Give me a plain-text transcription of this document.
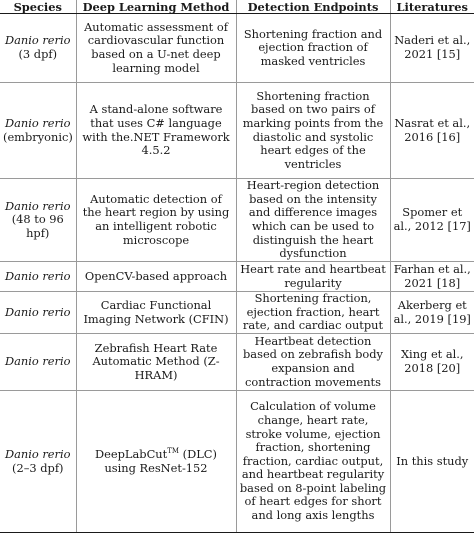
Species	Deep Learning Method	Detection Endpoints	Literatures

Danio rerio
(3 dpf)	Automatic assessment of cardiovascular function based on a U-net deep learning model	Shortening fraction and ejection fraction of masked ventricles	Naderi et al., 2021 [15]

Danio rerio
(embryonic)	A stand-alone software that uses C# language with the.NET Framework 4.5.2	Shortening fraction based on two pairs of marking points from the diastolic and systolic heart edges of the ventricles	Nasrat et al., 2016 [16]

Danio rerio
(48 to 96 hpf)	Automatic detection of the heart region by using an intelligent robotic microscope	Heart-region detection based on the intensity and difference images which can be used to distinguish the heart dysfunction	Spomer et al., 2012 [17]

Danio rerio	OpenCV-based approach	Heart rate and heartbeat regularity	Farhan et al., 2021 [18]

Danio rerio	Cardiac Functional Imaging Network (CFIN)	Shortening fraction, ejection fraction, heart rate, and cardiac output	Akerberg et al., 2019 [19]

Danio rerio	Zebrafish Heart Rate Automatic Method (Z-HRAM)	Heartbeat detection based on zebrafish body expansion and contraction movements	Xing et al., 2018 [20]

Danio rerio
(2–3 dpf)	DeepLabCut™ (DLC) using ResNet-152	Calculation of volume change, heart rate, stroke volume, ejection fraction, shortening fraction, cardiac output, and heartbeat regularity based on 8-point labeling of heart edges for short and long axis lengths	In this study
